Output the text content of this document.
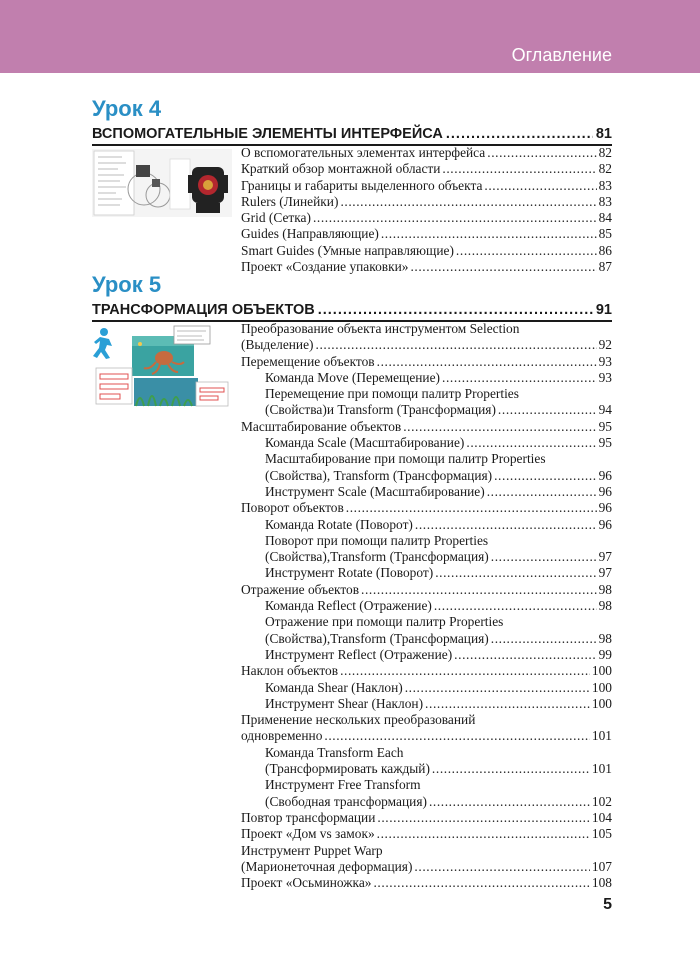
Оглавление
Урок 4
ВСПОМОГАТЕЛЬНЫЕ ЭЛЕМЕНТЫ ИНТЕРФЕЙСА .....	81
О вспомогательных элементах интерфейса .....	82
Краткий обзор монтажной области .....	82
Границы и габариты выделенного объекта .....	83
Rulers (Линейки) .....	83
Grid (Сетка) .....	84
Guides (Направляющие) .....	85
Smart Guides (Умные направляющие) .....	86
Проект «Создание упаковки» .....	87
Урок 5
ТРАНСФОРМАЦИЯ ОБЪЕКТОВ .....	91
Преобразование объекта инструментом Selection
(Выделение) .....	92
Перемещение объектов .....	93
Команда Move (Перемещение) .....	93
Перемещение при помощи палитр Properties
(Свойства)и Transform (Трансформация) .....	94
Масштабирование объектов .....	95
Команда Scale (Масштабирование) .....	95
Масштабирование при помощи палитр Properties
(Свойства), Transform (Трансформация) .....	96
Инструмент Scale (Масштабирование) .....	96
Поворот объектов .....	96
Команда Rotate (Поворот) .....	96
Поворот при помощи палитр Properties
(Свойства),Transform (Трансформация) .....	97
Инструмент Rotate (Поворот) .....	97
Отражение объектов .....	98
Команда Reflect (Отражение) .....	98
Отражение при помощи палитр Properties
(Свойства),Transform (Трансформация) .....	98
Инструмент Reflect (Отражение) .....	99
Наклон объектов .....	100
Команда Shear (Наклон) .....	100
Инструмент Shear (Наклон) .....	100
Применение нескольких преобразований
одновременно .....	101
Команда Transform Each
(Трансформировать каждый) .....	101
Инструмент Free Transform
(Свободная трансформация) .....	102
Повтор трансформации .....	104
Проект «Дом vs замок» .....	105
Инструмент Puppet Warp
(Марионеточная деформация) .....	107
Проект «Осьминожка» .....	108
5
